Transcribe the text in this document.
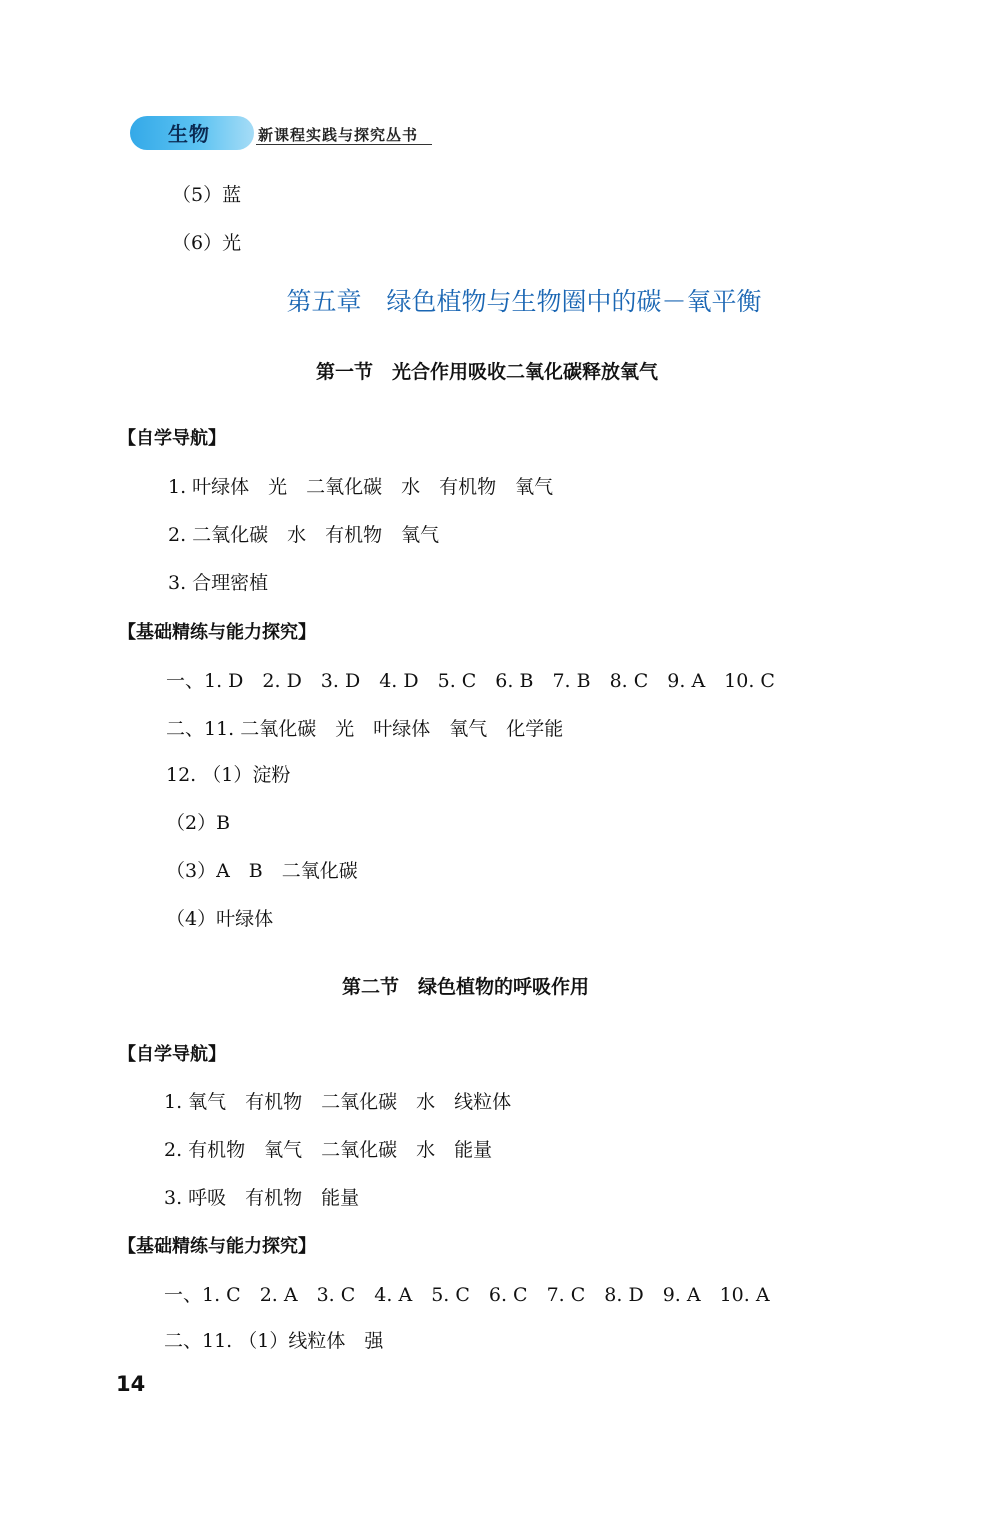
生物	新课程实践与探究丛书
（5）蓝
（6）光
第五章　绿色植物与生物圈中的碳－氧平衡
第一节　光合作用吸收二氧化碳释放氧气
【自学导航】
1. 叶绿体　光　二氧化碳　水　有机物　氧气
2. 二氧化碳　水　有机物　氧气
3. 合理密植
【基础精练与能力探究】
一、1. D　2. D　3. D　4. D　5. C　6. B　7. B　8. C　9. A　10. C
二、11. 二氧化碳　光　叶绿体　氧气　化学能
12. （1）淀粉
（2）B
（3）A　B　二氧化碳
（4）叶绿体
第二节　绿色植物的呼吸作用
【自学导航】
1. 氧气　有机物　二氧化碳　水　线粒体
2. 有机物　氧气　二氧化碳　水　能量
3. 呼吸　有机物　能量
【基础精练与能力探究】
一、1. C　2. A　3. C　4. A　5. C　6. C　7. C　8. D　9. A　10. A
二、11. （1）线粒体　强
14
